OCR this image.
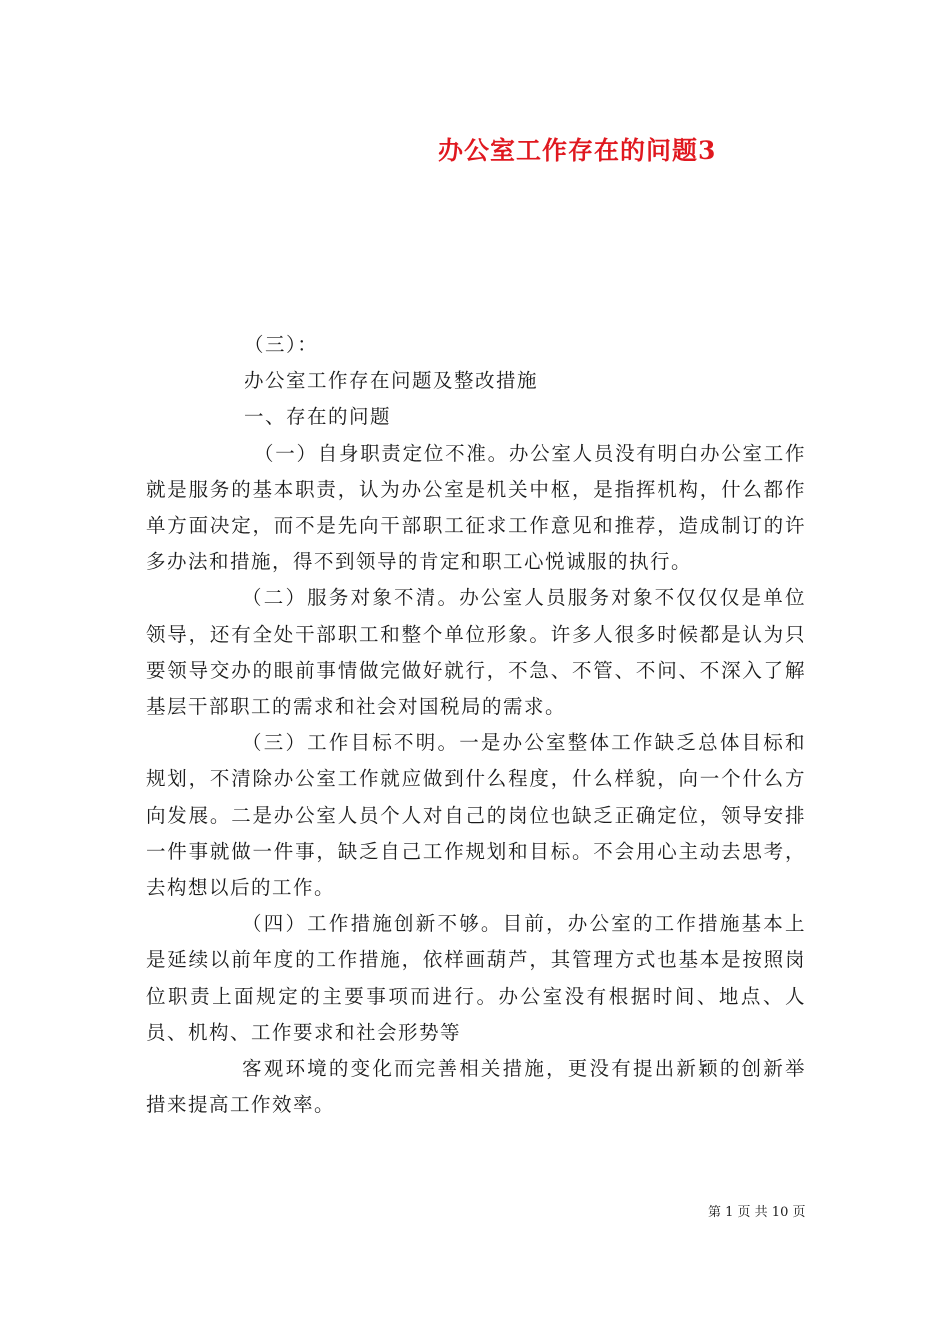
办公室工作存在的问题3

（三）：

办公室工作存在问题及整改措施

一、存在的问题

（一）自身职责定位不准。办公室人员没有明白办公室工作就是服务的基本职责，认为办公室是机关中枢，是指挥机构，什么都作单方面决定，而不是先向干部职工征求工作意见和推荐，造成制订的许多办法和措施，得不到领导的肯定和职工心悦诚服的执行。

（二）服务对象不清。办公室人员服务对象不仅仅仅是单位领导，还有全处干部职工和整个单位形象。许多人很多时候都是认为只要领导交办的眼前事情做完做好就行，不急、不管、不问、不深入了解基层干部职工的需求和社会对国税局的需求。

（三）工作目标不明。一是办公室整体工作缺乏总体目标和规划，不清除办公室工作就应做到什么程度，什么样貌，向一个什么方向发展。二是办公室人员个人对自己的岗位也缺乏正确定位，领导安排一件事就做一件事，缺乏自己工作规划和目标。不会用心主动去思考，去构想以后的工作。

（四）工作措施创新不够。目前，办公室的工作措施基本上是延续以前年度的工作措施，依样画葫芦，其管理方式也基本是按照岗位职责上面规定的主要事项而进行。办公室没有根据时间、地点、人员、机构、工作要求和社会形势等

客观环境的变化而完善相关措施，更没有提出新颖的创新举措来提高工作效率。

第 1 页 共 10 页
